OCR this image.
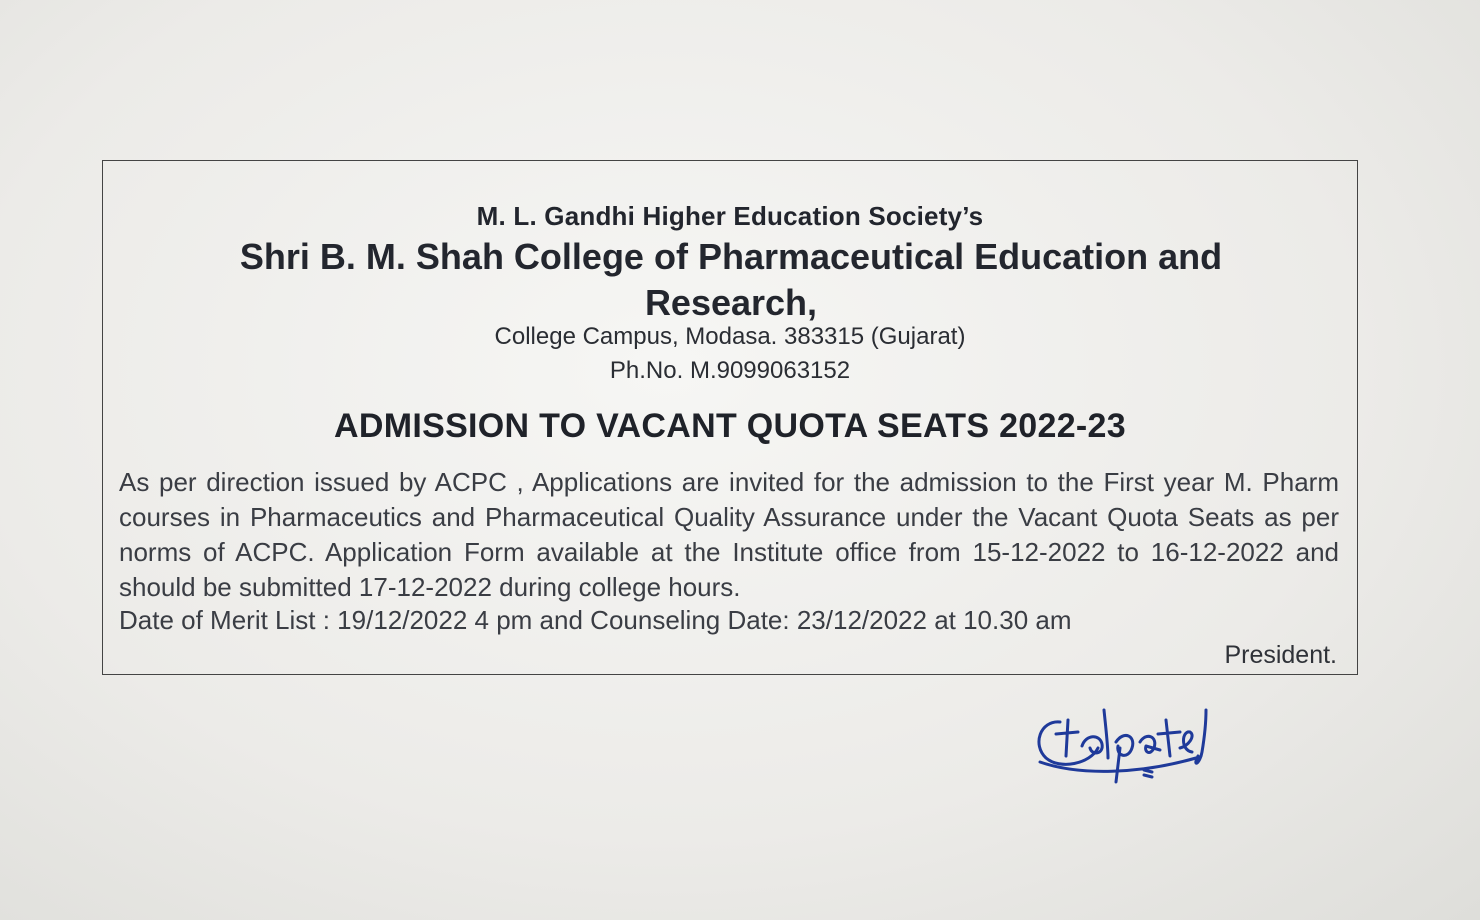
M. L. Gandhi Higher Education Society’s
Shri B. M. Shah College of Pharmaceutical Education and Research,
College Campus, Modasa. 383315 (Gujarat)
Ph.No. M.9099063152
ADMISSION TO VACANT QUOTA SEATS 2022-23
As per direction issued by ACPC , Applications are invited for the admission to the First year M. Pharm courses in Pharmaceutics and Pharmaceutical Quality Assurance under the Vacant Quota Seats as per norms of ACPC. Application Form available at the Institute office from 15-12-2022 to 16-12-2022 and should be submitted 17-12-2022 during college hours.
Date of Merit List : 19/12/2022 4 pm and Counseling Date: 23/12/2022 at 10.30 am
President.
